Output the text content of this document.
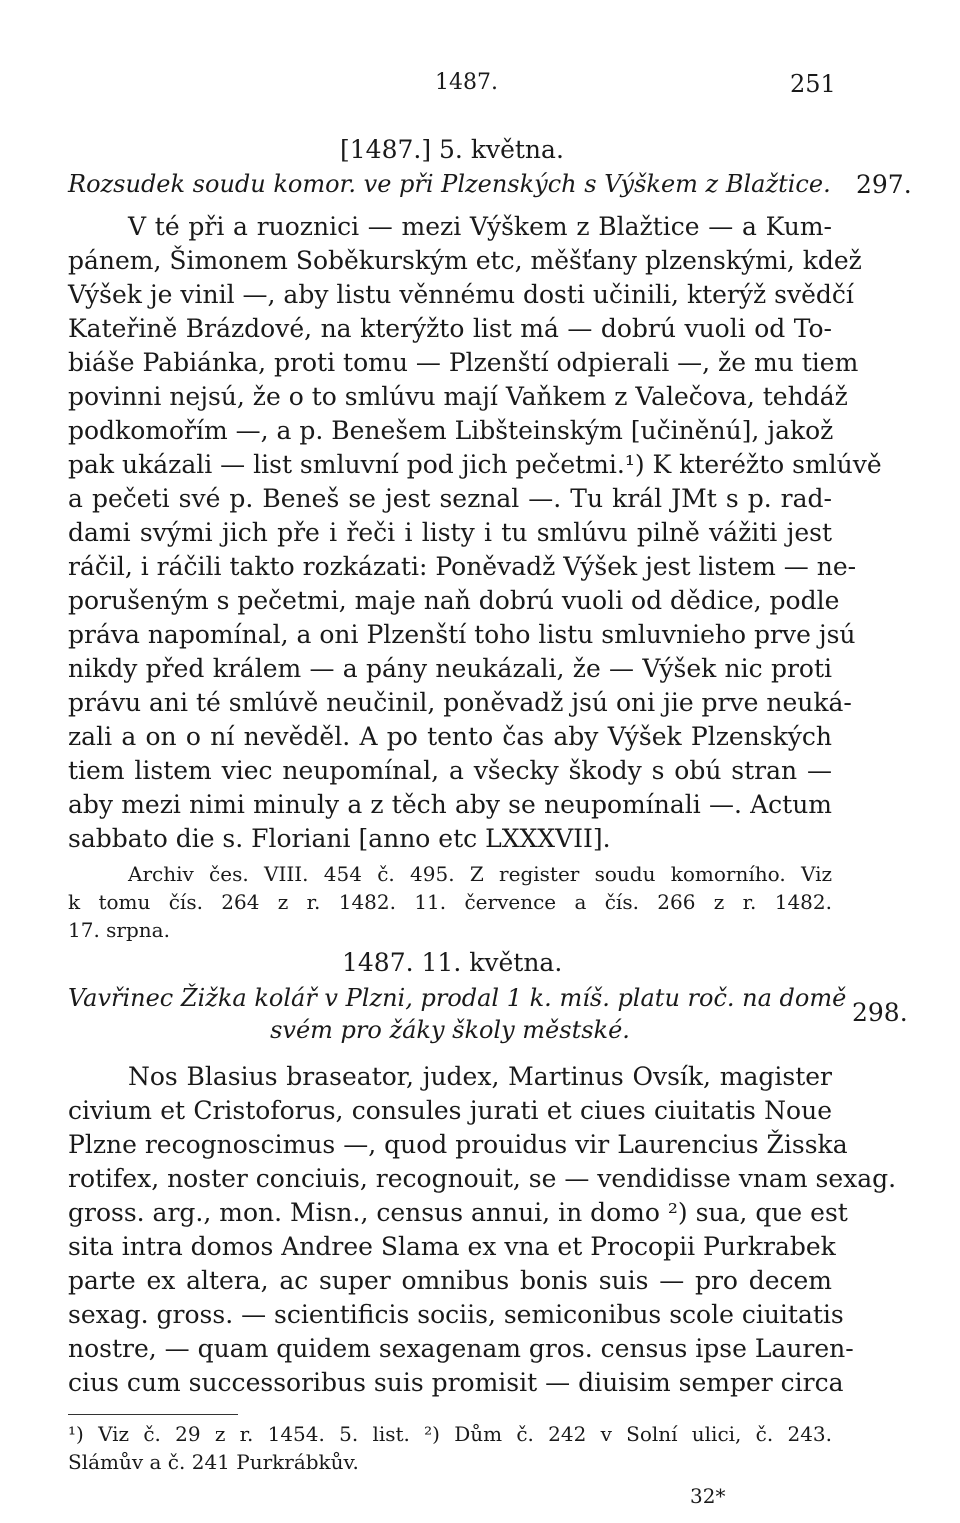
1487.	251
[1487.] 5. května.
Rozsudek soudu komor. ve při Plzenských s Výškem z Blažtice. 297.
V té při a ruoznici — mezi Výškem z Blažtice — a Kum-
pánem, Šimonem Soběkurským etc, měšťany plzenskými, kdež
Výšek je vinil —, aby listu věnnému dosti učinili, kterýž svědčí
Kateřině Brázdové, na kterýžto list má — dobrú vuoli od To-
biáše Pabiánka, proti tomu — Plzenští odpierali —, že mu tiem
povinni nejsú, že o to smlúvu mají Vaňkem z Valečova, tehdáž
podkomořím —, a p. Benešem Libšteinským [učiněnú], jakož
pak ukázali — list smluvní pod jich pečetmi.¹) K kteréžto smlúvě
a pečeti své p. Beneš se jest seznal —. Tu král JMt s p. rad-
dami svými jich pře i řeči i listy i tu smlúvu pilně vážiti jest
ráčil, i ráčili takto rozkázati: Poněvadž Výšek jest listem — ne-
porušeným s pečetmi, maje naň dobrú vuoli od dědice, podle
práva napomínal, a oni Plzenští toho listu smluvnieho prve jsú
nikdy před králem — a pány neukázali, že — Výšek nic proti
právu ani té smlúvě neučinil, poněvadž jsú oni jie prve neuká-
zali a on o ní nevěděl. A po tento čas aby Výšek Plzenských
tiem listem viec neupomínal, a všecky škody s obú stran —
aby mezi nimi minuly a z těch aby se neupomínali —. Actum
sabbato die s. Floriani [anno etc LXXXVII].
Archiv čes. VIII. 454 č. 495. Z register soudu komorního. Viz
k tomu čís. 264 z r. 1482. 11. července a čís. 266 z r. 1482.
17. srpna.
1487. 11. května.
Vavřinec Žižka kolář v Plzni, prodal 1 k. míš. platu roč. na domě
svém pro žáky školy městské.
298.
Nos Blasius braseator, judex, Martinus Ovsík, magister
civium et Cristoforus, consules jurati et ciues ciuitatis Noue
Plzne recognoscimus —, quod prouidus vir Laurencius Žisska
rotifex, noster conciuis, recognouit, se — vendidisse vnam sexag.
gross. arg., mon. Misn., census annui, in domo ²) sua, que est
sita intra domos Andree Slama ex vna et Procopii Purkrabek
parte ex altera, ac super omnibus bonis suis — pro decem
sexag. gross. — scientificis sociis, semiconibus scole ciuitatis
nostre, — quam quidem sexagenam gros. census ipse Lauren-
cius cum successoribus suis promisit — diuisim semper circa
¹) Viz č. 29 z r. 1454. 5. list. ²) Dům č. 242 v Solní ulici, č. 243.
Slámův a č. 241 Purkrábkův.
32*
